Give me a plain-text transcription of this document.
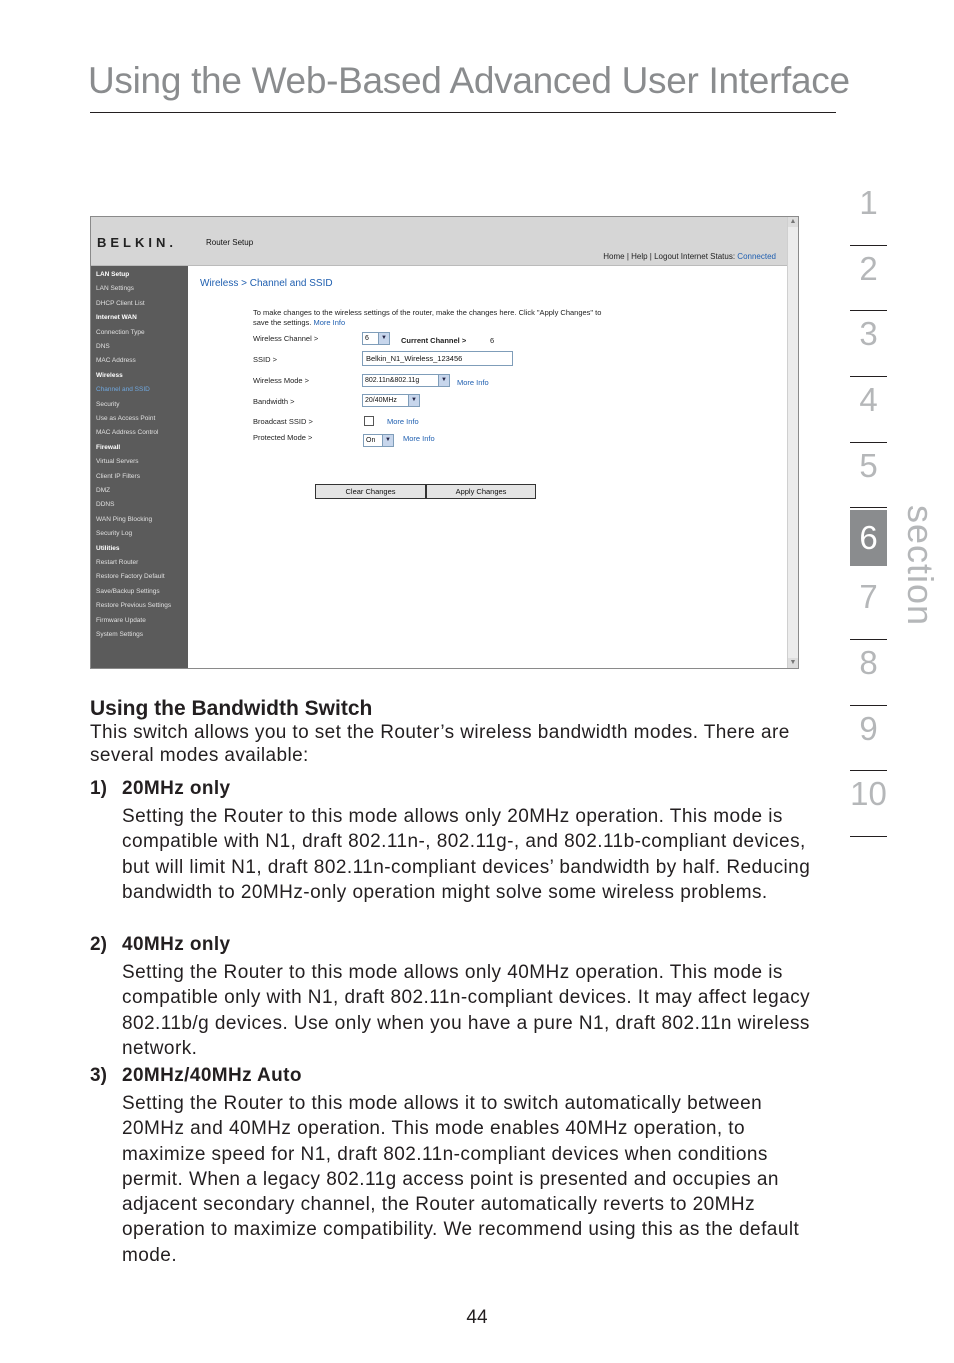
Using the Web-Based Advanced User Interface
1
2
3
4
5
6
7
8
9
10
section
BELKIN.	Router Setup
Home | Help | Logout Internet Status: Connected
LAN Setup
LAN Settings
DHCP Client List
Internet WAN
Connection Type
DNS
MAC Address
Wireless
Channel and SSID
Security
Use as Access Point
MAC Address Control
Firewall
Virtual Servers
Client IP Filters
DMZ
DDNS
WAN Ping Blocking
Security Log
Utilities
Restart Router
Restore Factory Default
Save/Backup Settings
Restore Previous Settings
Firmware Update
System Settings
▲
▼
Wireless > Channel and SSID
To make changes to the wireless settings of the router, make the changes here. Click "Apply Changes" to save the settings. More Info
Wireless Channel >	6	▼ Current Channel >	6
SSID >	Belkin_N1_Wireless_123456
Wireless Mode >	802.11n&802.11g	▼ More Info
Bandwidth >	20/40MHz	▼
Broadcast SSID >	More Info
Protected Mode >	On	▼ More Info
Clear Changes	Apply Changes
Using the Bandwidth Switch
This switch allows you to set the Router’s wireless bandwidth modes. There are several modes available:
1) 20MHz only
Setting the Router to this mode allows only 20MHz operation. This mode is compatible with N1, draft 802.11n-, 802.11g-, and 802.11b-compliant devices, but will limit N1, draft 802.11n-compliant devices’ bandwidth by half. Reducing bandwidth to 20MHz-only operation might solve some wireless problems.
2) 40MHz only
Setting the Router to this mode allows only 40MHz operation. This mode is compatible only with N1, draft 802.11n-compliant devices. It may affect legacy 802.11b/g devices. Use only when you have a pure N1, draft 802.11n wireless network.
3) 20MHz/40MHz Auto
Setting the Router to this mode allows it to switch automatically between 20MHz and 40MHz operation. This mode enables 40MHz operation, to maximize speed for N1, draft 802.11n-compliant devices when conditions permit. When a legacy 802.11g access point is presented and occupies an adjacent secondary channel, the Router automatically reverts to 20MHz operation to maximize compatibility. We recommend using this as the default mode.
44
